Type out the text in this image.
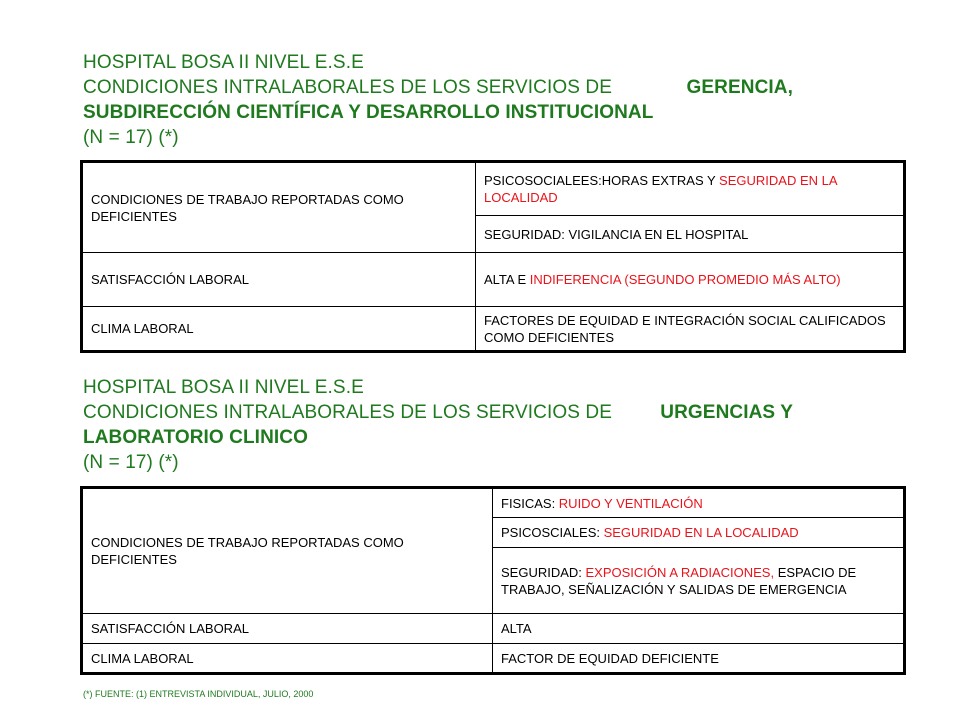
HOSPITAL BOSA II NIVEL E.S.E
CONDICIONES INTRALABORALES DE LOS SERVICIOS DE	GERENCIA,
SUBDIRECCIÓN CIENTÍFICA Y DESARROLLO INSTITUCIONAL
(N = 17) (*)
CONDICIONES DE TRABAJO REPORTADAS COMO DEFICIENTES	PSICOSOCIALEES:HORAS EXTRAS Y SEGURIDAD EN LA LOCALIDAD
	SEGURIDAD: VIGILANCIA EN EL HOSPITAL
SATISFACCIÓN LABORAL	ALTA E INDIFERENCIA (SEGUNDO PROMEDIO MÁS ALTO)
CLIMA LABORAL	FACTORES DE EQUIDAD E INTEGRACIÓN SOCIAL CALIFICADOS COMO DEFICIENTES
HOSPITAL BOSA II NIVEL E.S.E
CONDICIONES INTRALABORALES DE LOS SERVICIOS DE	URGENCIAS Y
LABORATORIO CLINICO
(N = 17) (*)
CONDICIONES DE TRABAJO REPORTADAS COMO DEFICIENTES	FISICAS: RUIDO Y VENTILACIÓN
	PSICOSCIALES: SEGURIDAD EN LA LOCALIDAD
	SEGURIDAD: EXPOSICIÓN A RADIACIONES, ESPACIO DE TRABAJO, SEÑALIZACIÓN Y SALIDAS DE EMERGENCIA
SATISFACCIÓN LABORAL	ALTA
CLIMA LABORAL	FACTOR DE EQUIDAD DEFICIENTE
(*) FUENTE: (1) ENTREVISTA INDIVIDUAL, JULIO, 2000
